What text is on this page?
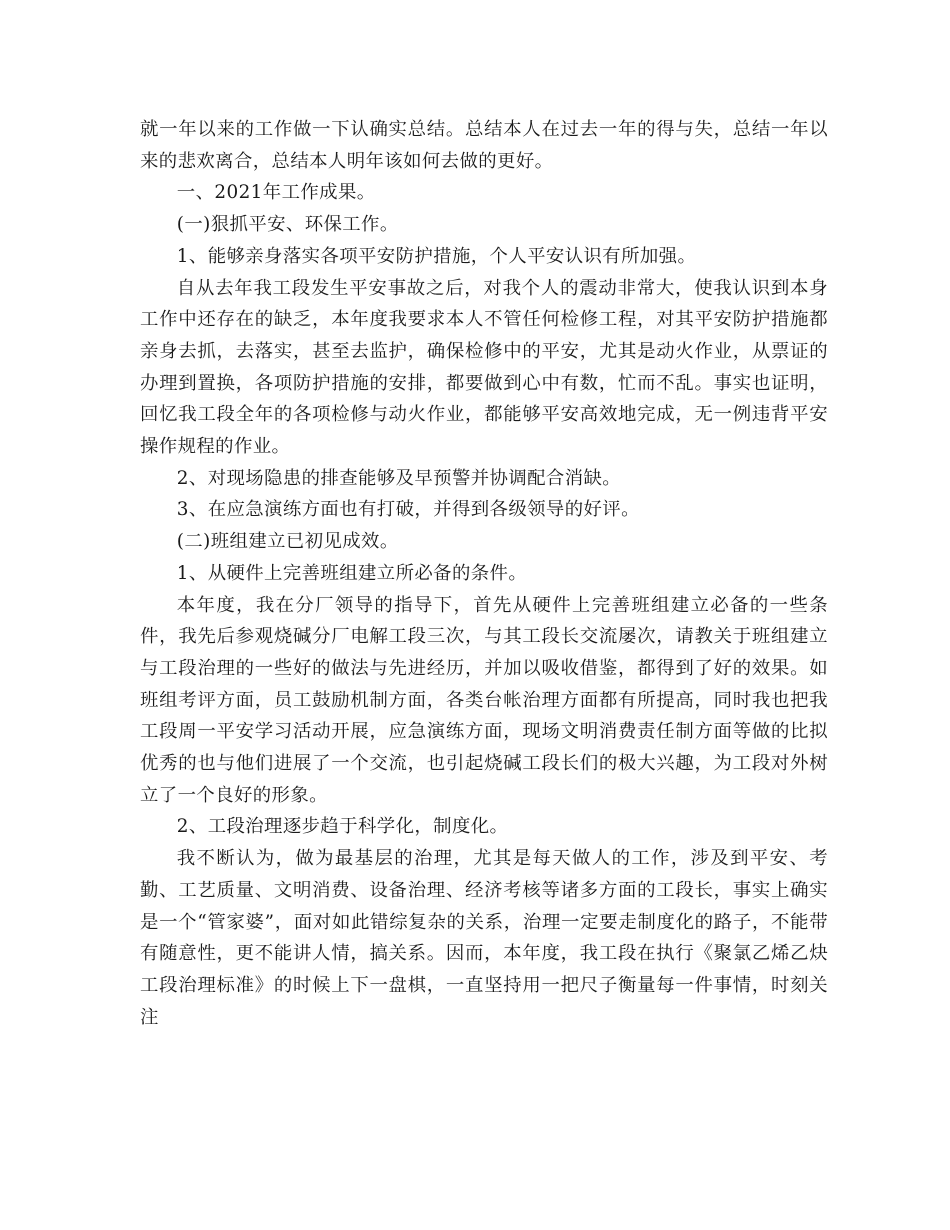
就一年以来的工作做一下认确实总结。总结本人在过去一年的得与失，总结一年以来的悲欢离合，总结本人明年该如何去做的更好。

一、2021年工作成果。

(一)狠抓平安、环保工作。

1、能够亲身落实各项平安防护措施，个人平安认识有所加强。

自从去年我工段发生平安事故之后，对我个人的震动非常大，使我认识到本身工作中还存在的缺乏，本年度我要求本人不管任何检修工程，对其平安防护措施都亲身去抓，去落实，甚至去监护，确保检修中的平安，尤其是动火作业，从票证的办理到置换，各项防护措施的安排，都要做到心中有数，忙而不乱。事实也证明，回忆我工段全年的各项检修与动火作业，都能够平安高效地完成，无一例违背平安操作规程的作业。

2、对现场隐患的排查能够及早预警并协调配合消缺。

3、在应急演练方面也有打破，并得到各级领导的好评。

(二)班组建立已初见成效。

1、从硬件上完善班组建立所必备的条件。

本年度，我在分厂领导的指导下，首先从硬件上完善班组建立必备的一些条件，我先后参观烧碱分厂电解工段三次，与其工段长交流屡次，请教关于班组建立与工段治理的一些好的做法与先进经历，并加以吸收借鉴，都得到了好的效果。如班组考评方面，员工鼓励机制方面，各类台帐治理方面都有所提高，同时我也把我工段周一平安学习活动开展，应急演练方面，现场文明消费责任制方面等做的比拟优秀的也与他们进展了一个交流，也引起烧碱工段长们的极大兴趣，为工段对外树立了一个良好的形象。

2、工段治理逐步趋于科学化，制度化。

我不断认为，做为最基层的治理，尤其是每天做人的工作，涉及到平安、考勤、工艺质量、文明消费、设备治理、经济考核等诸多方面的工段长，事实上确实是一个“管家婆”，面对如此错综复杂的关系，治理一定要走制度化的路子，不能带有随意性，更不能讲人情，搞关系。因而，本年度，我工段在执行《聚氯乙烯乙炔工段治理标准》的时候上下一盘棋，一直坚持用一把尺子衡量每一件事情，时刻关注
